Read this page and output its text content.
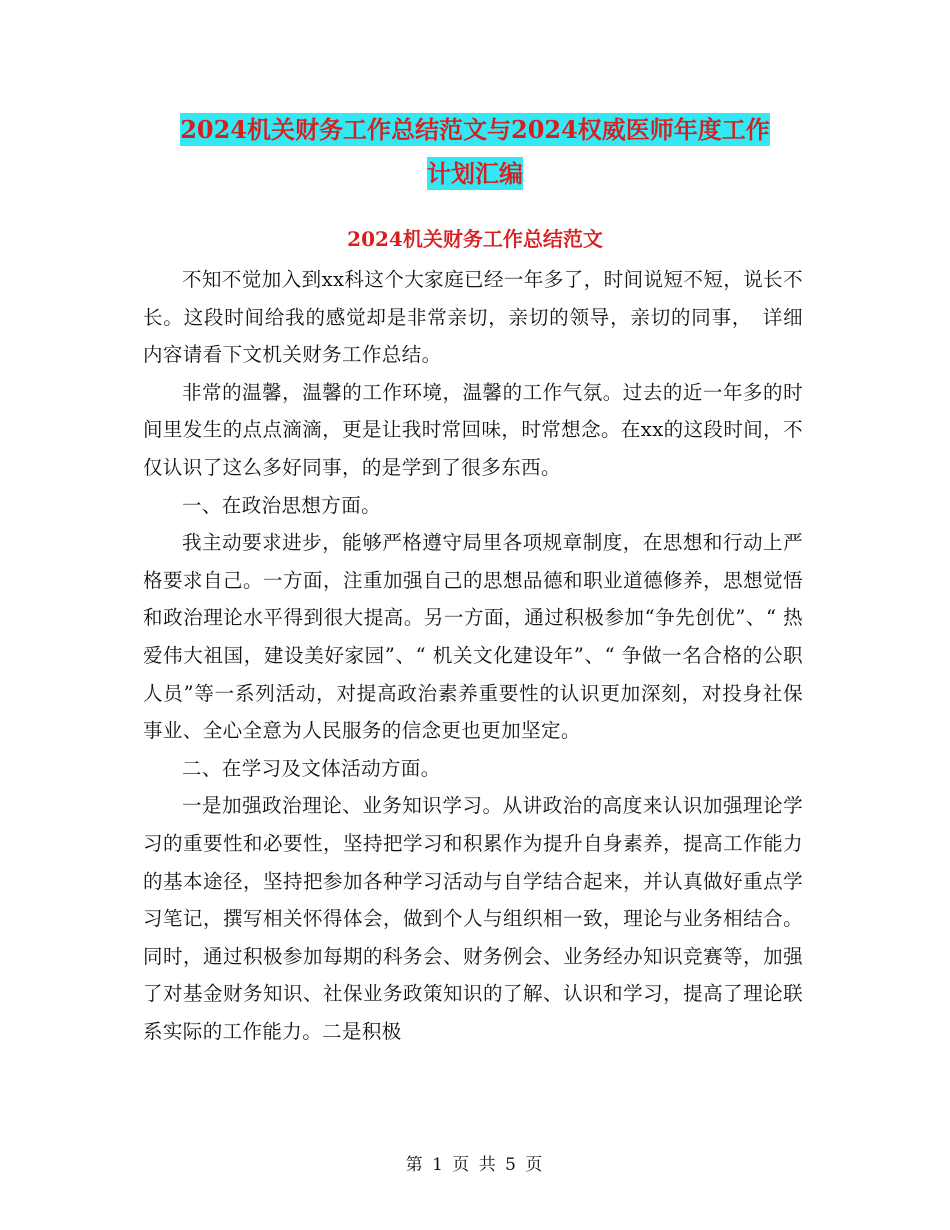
2024机关财务工作总结范文与2024权威医师年度工作
计划汇编
2024机关财务工作总结范文

不知不觉加入到xx科这个大家庭已经一年多了，时间说短不短，说长不长。这段时间给我的感觉却是非常亲切，亲切的领导，亲切的同事，　详细内容请看下文机关财务工作总结。

非常的温馨，温馨的工作环境，温馨的工作气氛。过去的近一年多的时间里发生的点点滴滴，更是让我时常回味，时常想念。在xx的这段时间，不仅认识了这么多好同事，的是学到了很多东西。

一、在政治思想方面。

我主动要求进步，能够严格遵守局里各项规章制度，在思想和行动上严格要求自己。一方面，注重加强自己的思想品德和职业道德修养，思想觉悟和政治理论水平得到很大提高。另一方面，通过积极参加“争先创优”、“ 热爱伟大祖国，建设美好家园”、“ 机关文化建设年”、“ 争做一名合格的公职人员”等一系列活动，对提高政治素养重要性的认识更加深刻，对投身社保事业、全心全意为人民服务的信念更也更加坚定。

二、在学习及文体活动方面。

一是加强政治理论、业务知识学习。从讲政治的高度来认识加强理论学习的重要性和必要性，坚持把学习和积累作为提升自身素养，提高工作能力的基本途径，坚持把参加各种学习活动与自学结合起来，并认真做好重点学习笔记，撰写相关怀得体会，做到个人与组织相一致，理论与业务相结合。同时，通过积极参加每期的科务会、财务例会、业务经办知识竞赛等，加强了对基金财务知识、社保业务政策知识的了解、认识和学习，提高了理论联系实际的工作能力。二是积极

第 1 页 共 5 页
